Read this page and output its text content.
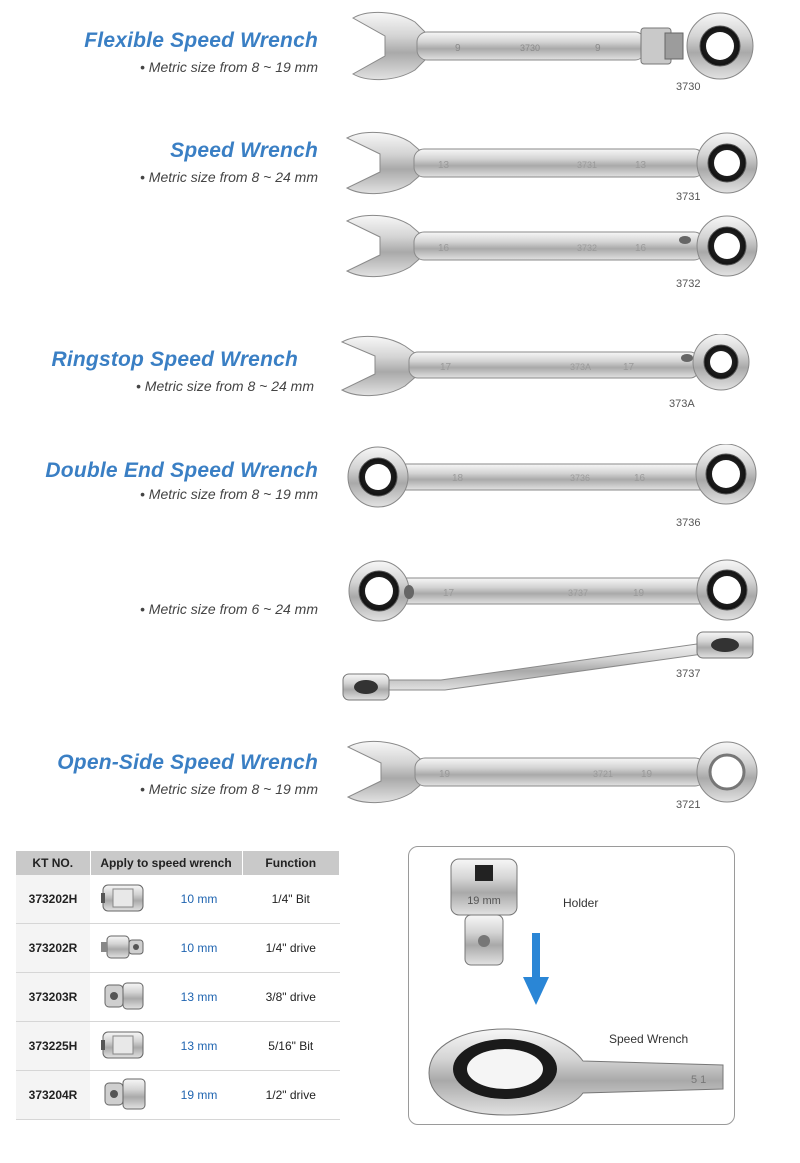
Flexible Speed Wrench
• Metric size from 8 ~ 19 mm
Speed Wrench
• Metric size from 8 ~ 24 mm
Ringstop Speed Wrench
• Metric size from 8 ~ 24 mm
Double End Speed Wrench
• Metric size from 8 ~ 19 mm
• Metric size from 6 ~ 24 mm
Open-Side Speed Wrench
• Metric size from 8 ~ 19 mm
9	3730	9
3730
13	3731	13
3731
16	3732	16
3732
17	373A	17
373A
18	3736	16
3736
17	3737	19
3737
19	3721	19
3721
KT NO.	Apply to speed wrench		Function
373202H		10 mm	1/4" Bit
373202R		10 mm	1/4" drive
373203R		13 mm	3/8" drive
373225H		13 mm	5/16" Bit
373204R		19 mm	1/2" drive
19 mm	Holder
Speed Wrench
5 1
